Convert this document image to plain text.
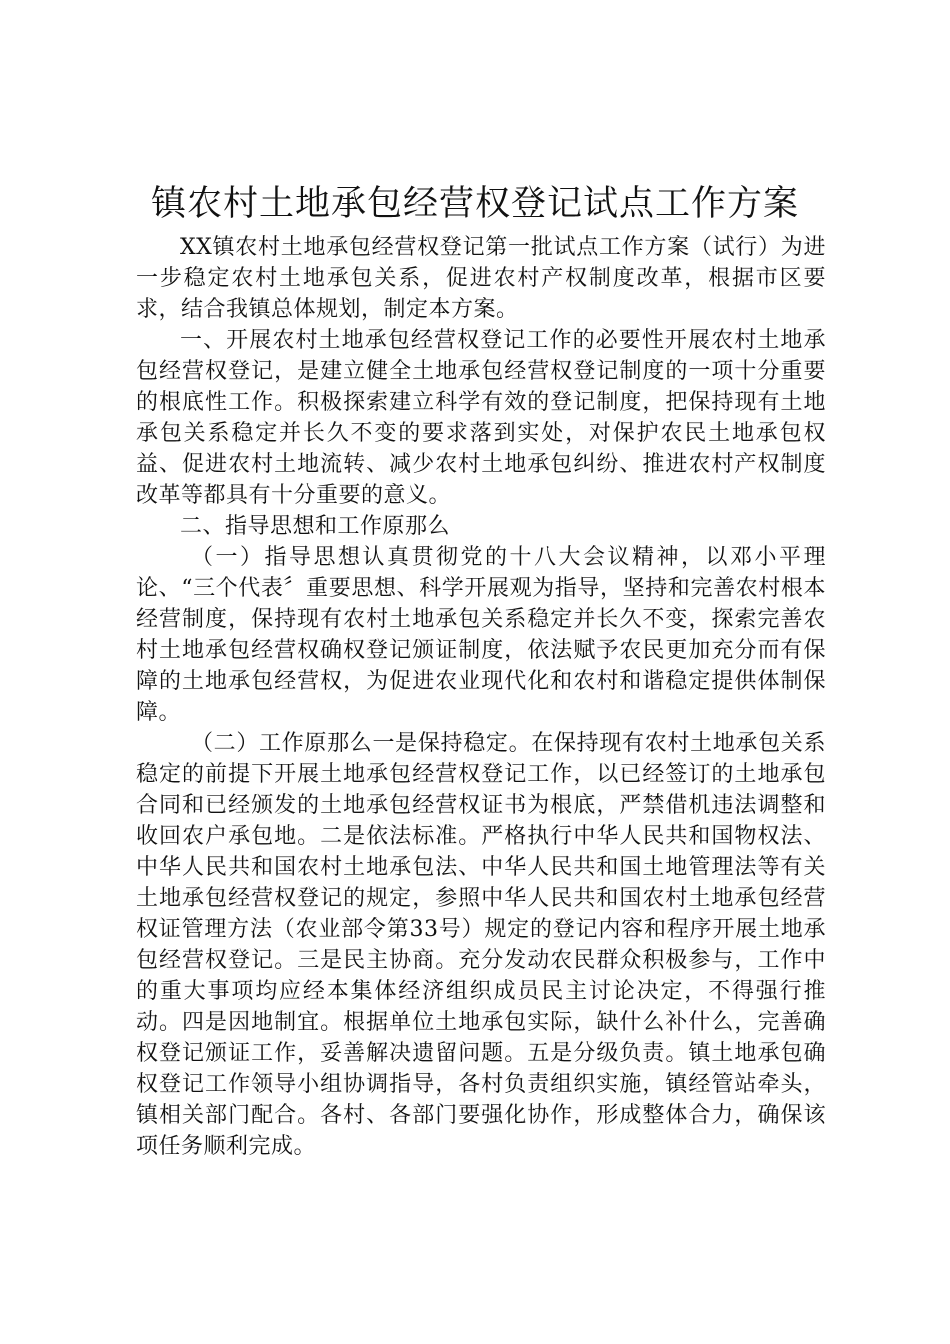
镇农村土地承包经营权登记试点工作方案

XX镇农村土地承包经营权登记第一批试点工作方案（试行）为进一步稳定农村土地承包关系，促进农村产权制度改革，根据市区要求，结合我镇总体规划，制定本方案。

一、开展农村土地承包经营权登记工作的必要性开展农村土地承包经营权登记，是建立健全土地承包经营权登记制度的一项十分重要的根底性工作。积极探索建立科学有效的登记制度，把保持现有土地承包关系稳定并长久不变的要求落到实处，对保护农民土地承包权益、促进农村土地流转、减少农村土地承包纠纷、推进农村产权制度改革等都具有十分重要的意义。

二、指导思想和工作原那么

（一）指导思想认真贯彻党的十八大会议精神，以邓小平理论、“三个代表〞重要思想、科学开展观为指导，坚持和完善农村根本经营制度，保持现有农村土地承包关系稳定并长久不变，探索完善农村土地承包经营权确权登记颁证制度，依法赋予农民更加充分而有保障的土地承包经营权，为促进农业现代化和农村和谐稳定提供体制保障。

（二）工作原那么一是保持稳定。在保持现有农村土地承包关系稳定的前提下开展土地承包经营权登记工作，以已经签订的土地承包合同和已经颁发的土地承包经营权证书为根底，严禁借机违法调整和收回农户承包地。二是依法标准。严格执行中华人民共和国物权法、中华人民共和国农村土地承包法、中华人民共和国土地管理法等有关土地承包经营权登记的规定，参照中华人民共和国农村土地承包经营权证管理方法（农业部令第33号）规定的登记内容和程序开展土地承包经营权登记。三是民主协商。充分发动农民群众积极参与，工作中的重大事项均应经本集体经济组织成员民主讨论决定，不得强行推动。四是因地制宜。根据单位土地承包实际，缺什么补什么，完善确权登记颁证工作，妥善解决遗留问题。五是分级负责。镇土地承包确权登记工作领导小组协调指导，各村负责组织实施，镇经管站牵头，镇相关部门配合。各村、各部门要强化协作，形成整体合力，确保该项任务顺利完成。
